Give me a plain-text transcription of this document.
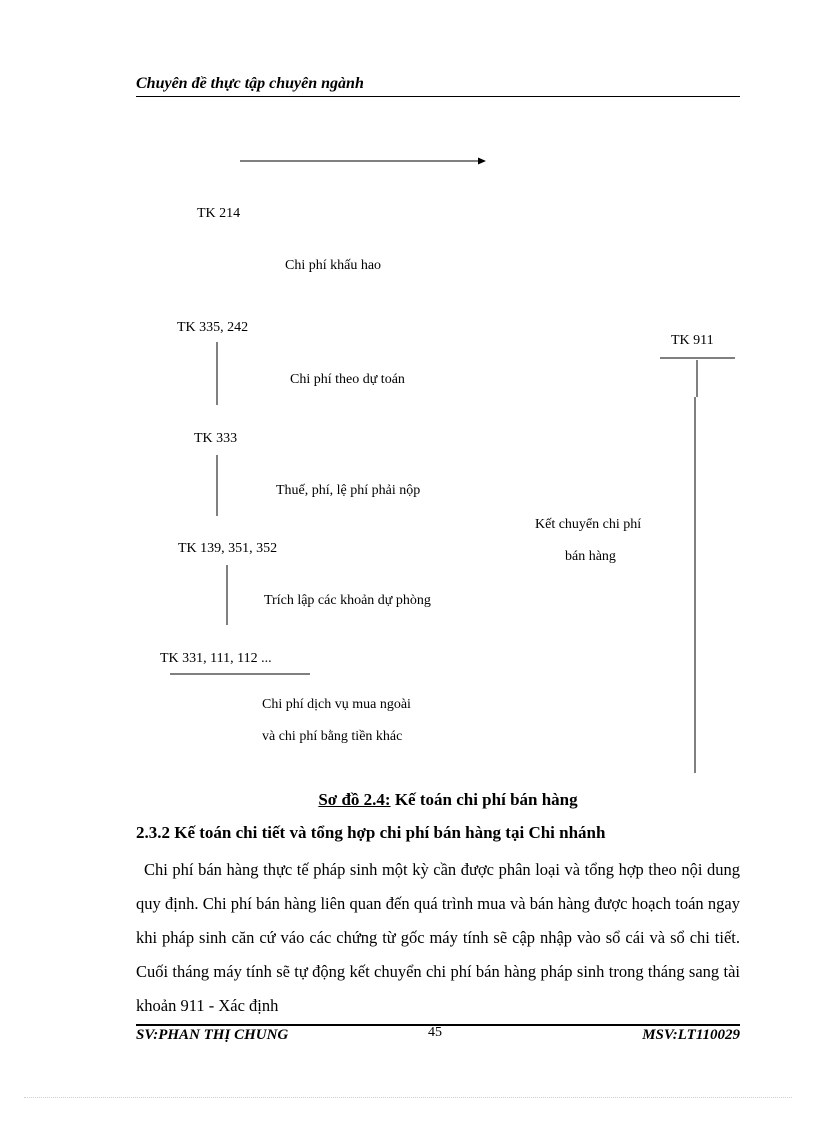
Chuyên đề thực tập chuyên ngành
TK 214
Chi phí khấu hao
TK 335, 242
TK 911
Chi phí theo dự toán
TK 333
Thuế, phí, lệ phí phải nộp
Kết chuyển chi phí
bán hàng
TK 139, 351, 352
Trích lập các khoản dự phòng
TK 331, 111, 112 ...
Chi phí dịch vụ mua ngoài
và chi phí bằng tiền khác
Sơ đồ 2.4: Kế toán chi phí bán hàng
2.3.2 Kế toán chi tiết và tổng hợp chi phí bán hàng tại Chi nhánh
Chi phí bán hàng thực tế pháp sinh một kỳ cần được phân loại và tổng hợp theo nội dung quy định. Chi phí bán hàng liên quan đến quá trình mua và bán hàng được hoạch toán ngay khi pháp sinh căn cứ váo các chứng từ gốc máy tính sẽ cập nhập vào sổ cái và sổ chi tiết. Cuối tháng máy tính sẽ tự động kết chuyển chi phí bán hàng pháp sinh trong tháng sang tài khoản 911 - Xác định
SV:PHAN THỊ CHUNG	45	MSV:LT110029
